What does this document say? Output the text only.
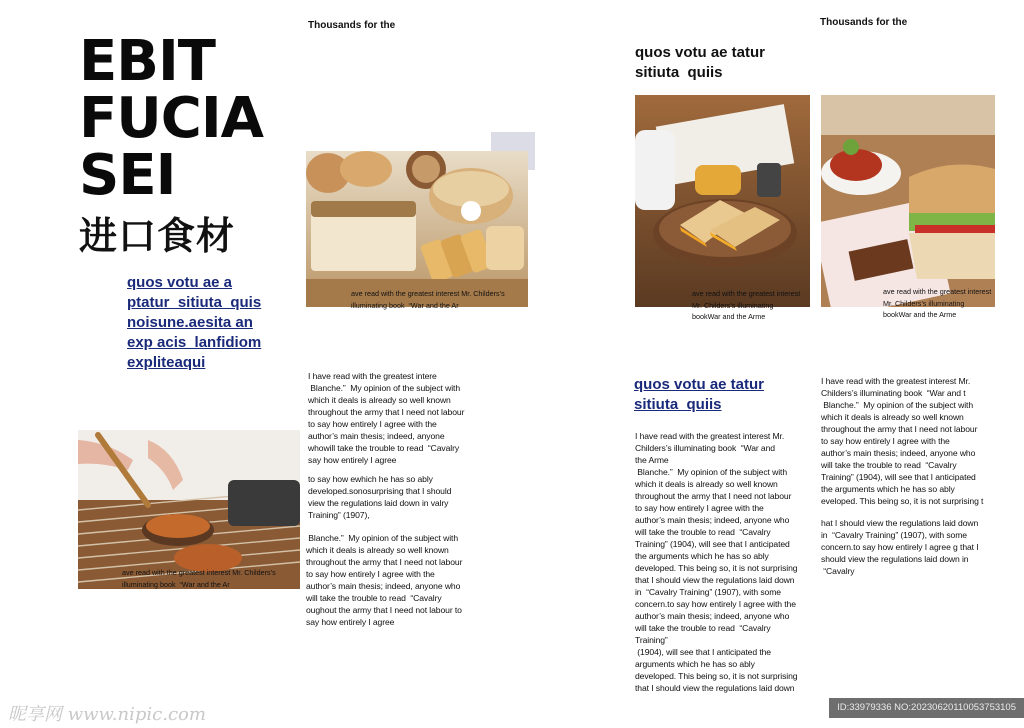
Thousands for the
EBIT
FUCIA
SEI
进口食材
quos votu ae a
ptatur  sitiuta  quis
noisune.aesita an
exp acis  lanfidiom
expliteaqui
ave read with the greatest interest Mr. Childers’s
illuminating book  “War and the Ar
I have read with the greatest intere
Blanche.”  My opinion of the subject with
which it deals is already so well known
throughout the army that I need not labour
to say how entirely I agree with the
author’s main thesis; indeed, anyone
whowill take the trouble to read  “Cavalry
say how entirely I agree
to say how ewhich he has so ably
developed.sonosurprising that I should
view the regulations laid down in valry
Training” (1907),
Blanche.”  My opinion of the subject with
which it deals is already so well known
throughout the army that I need not labour
to say how entirely I agree with the
author’s main thesis; indeed, anyone who
will take the trouble to read  “Cavalry
oughout the army that I need not labour to
say how entirely I agree
ave read with the greatest interest Mr. Childers’s
illuminating book  “War and the Ar
Thousands for the
quos votu ae tatur
sitiuta  quiis
ave read with the greatest interest
Mr. Childers’s illuminating
bookWar and the Arme
ave read with the greatest interest
Mr. Childers’s illuminating
bookWar and the Arme
quos votu ae tatur
sitiuta  quiis
I have read with the greatest interest Mr.
Childers’s illuminating book  “War and
the Arme
Blanche.”  My opinion of the subject with
which it deals is already so well known
throughout the army that I need not labour
to say how entirely I agree with the
author’s main thesis; indeed, anyone who
will take the trouble to read  “Cavalry
Training” (1904), will see that I anticipated
the arguments which he has so ably
developed. This being so, it is not surprising
that I should view the regulations laid down
in  “Cavalry Training” (1907), with some
concern.to say how entirely I agree with the
author’s main thesis; indeed, anyone who
will take the trouble to read  “Cavalry
Training”
(1904), will see that I anticipated the
arguments which he has so ably
developed. This being so, it is not surprising
that I should view the regulations laid down
I have read with the greatest interest Mr.
Childers’s illuminating book  “War and t
Blanche.”  My opinion of the subject with
which it deals is already so well known
throughout the army that I need not labour
to say how entirely I agree with the
author’s main thesis; indeed, anyone who
will take the trouble to read  “Cavalry
Training” (1904), will see that I anticipated
the arguments which he has so ably
eveloped. This being so, it is not surprising t
hat I should view the regulations laid down
in  “Cavalry Training” (1907), with some
concern.to say how entirely I agree g that I
should view the regulations laid down in
“Cavalry
昵享网 www.nipic.com	ID:33979336 NO:20230620110053753105
